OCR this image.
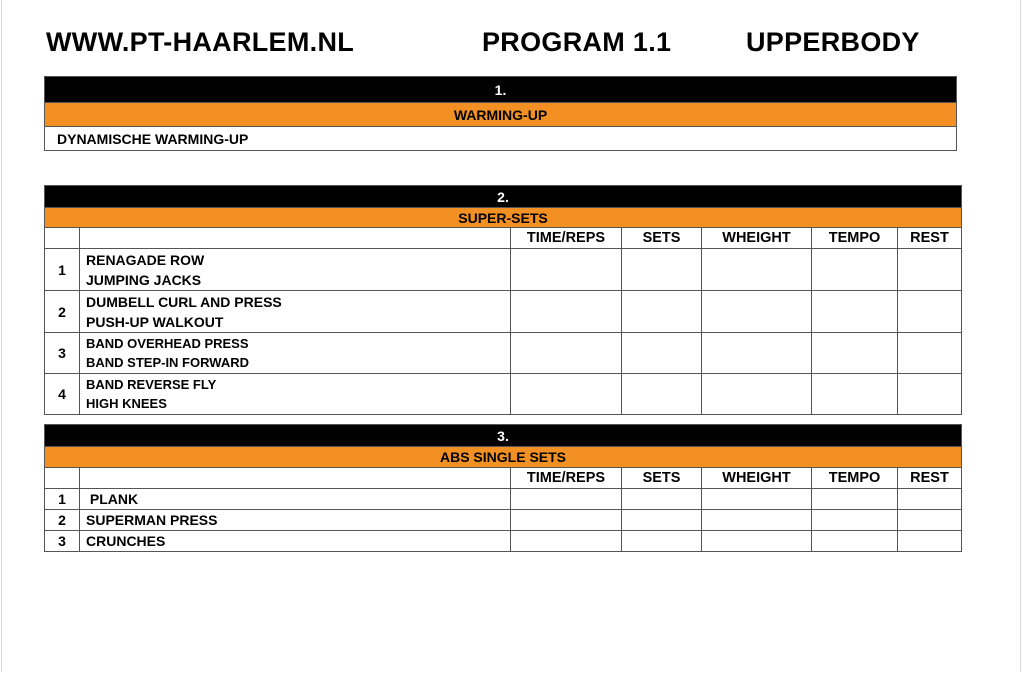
WWW.PT-HAARLEM.NL	PROGRAM 1.1	UPPERBODY
1.
WARMING-UP
DYNAMISCHE WARMING-UP
2.						
SUPER-SETS						
		TIME/REPS	SETS	WHEIGHT	TEMPO	REST
1	RENAGADE ROW
JUMPING JACKS					

2	DUMBELL CURL AND PRESS
PUSH-UP WALKOUT					

3	BAND OVERHEAD PRESS
BAND STEP-IN FORWARD					

4	BAND REVERSE FLY
HIGH KNEES					

3.						
ABS SINGLE SETS						
		TIME/REPS	SETS	WHEIGHT	TEMPO	REST
1	PLANK					
2	SUPERMAN PRESS					
3	CRUNCHES					
